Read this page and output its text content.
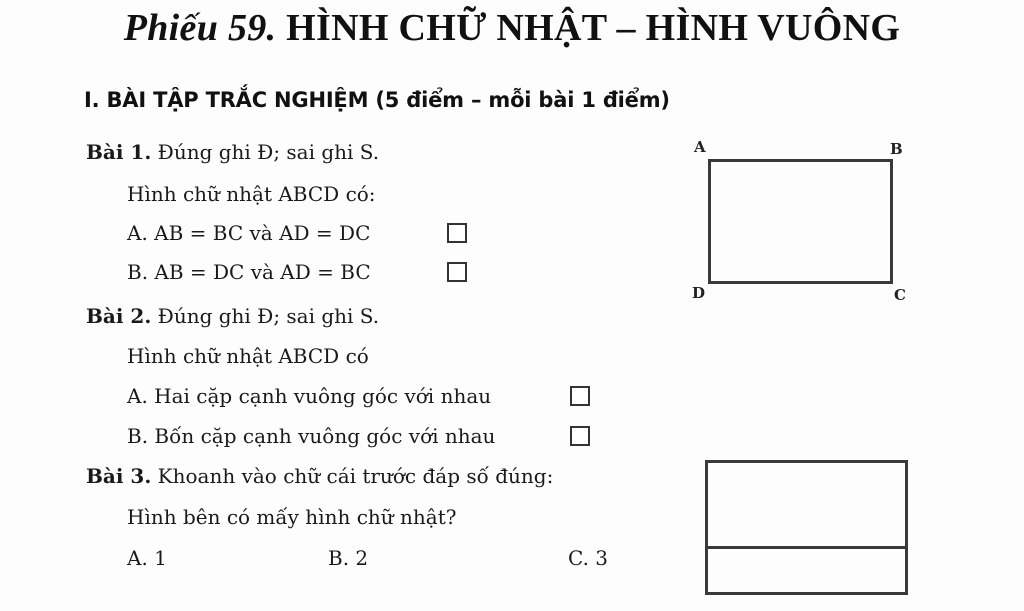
Phiếu 59. HÌNH CHỮ NHẬT – HÌNH VUÔNG
I. BÀI TẬP TRẮC NGHIỆM (5 điểm – mỗi bài 1 điểm)
Bài 1. Đúng ghi Đ; sai ghi S.
Hình chữ nhật ABCD có:
A. AB = BC và AD = DC
B. AB = DC và AD = BC
A	B
D	C
Bài 2. Đúng ghi Đ; sai ghi S.
Hình chữ nhật ABCD có
A. Hai cặp cạnh vuông góc với nhau
B. Bốn cặp cạnh vuông góc với nhau
Bài 3. Khoanh vào chữ cái trước đáp số đúng:
Hình bên có mấy hình chữ nhật?
A. 1	B. 2	C. 3
